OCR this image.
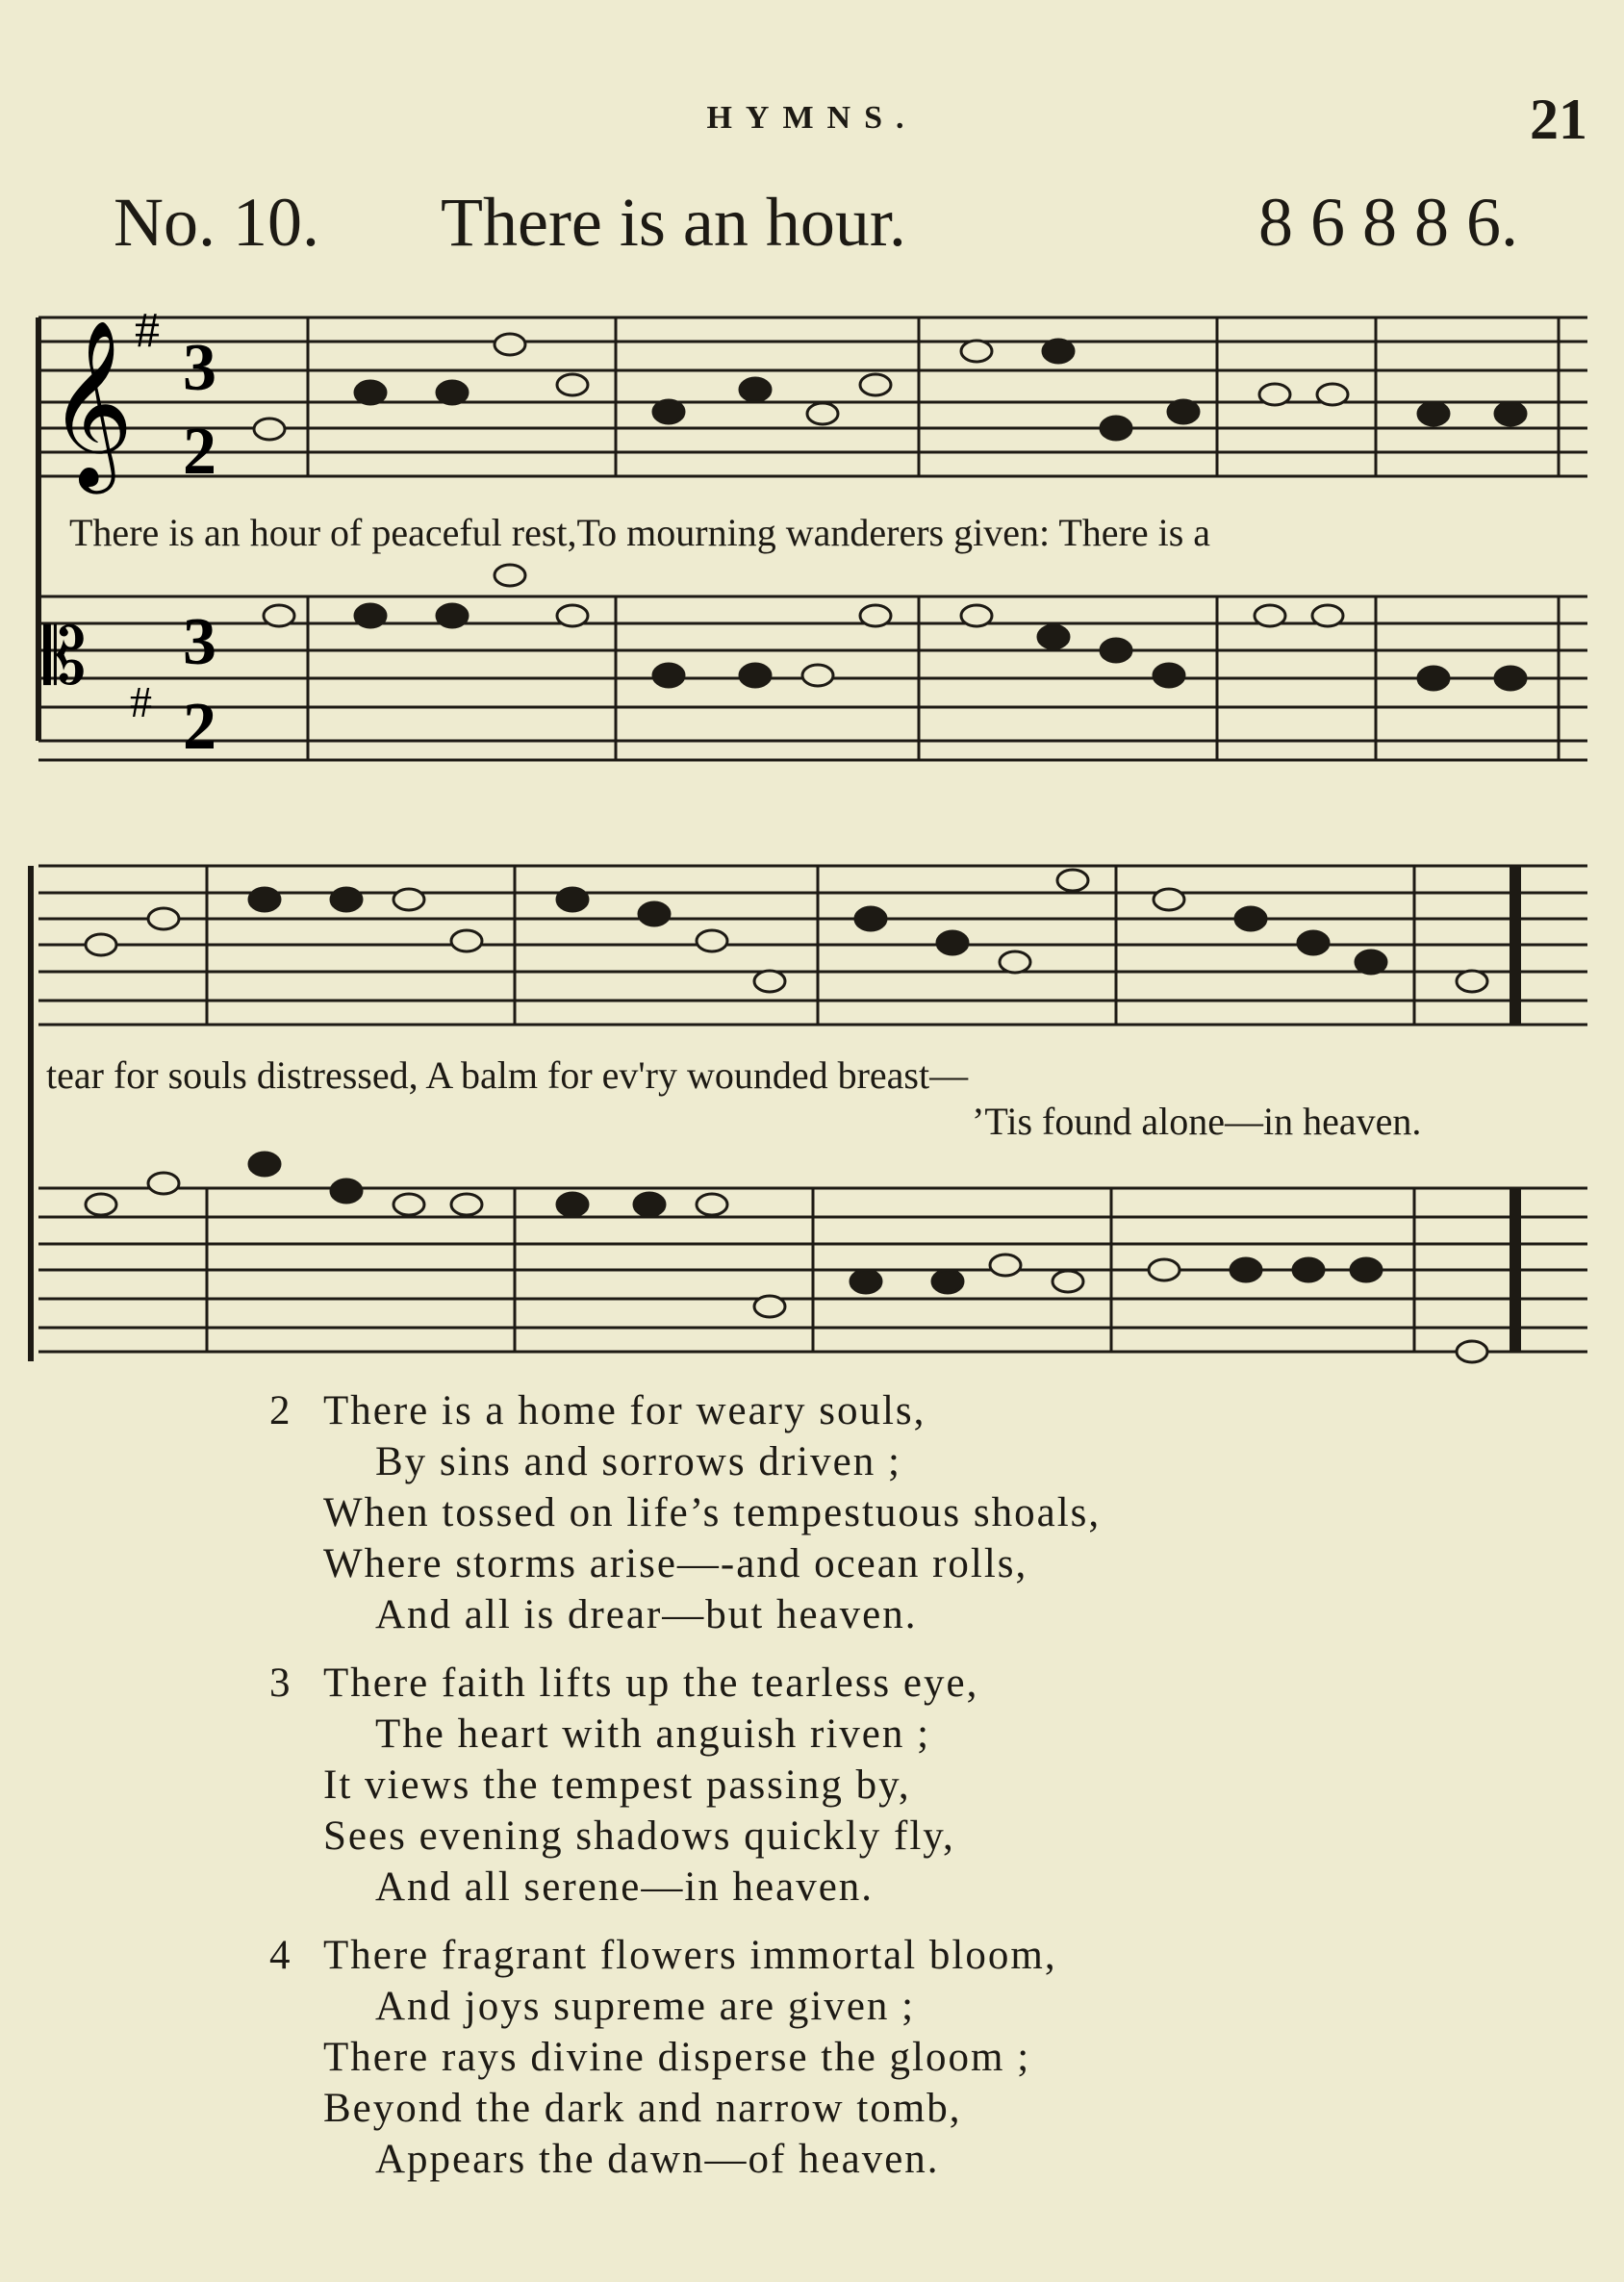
HYMNS.	21
No. 10. There is an hour.	8 6 8 8 6.
𝄞
𝄡
#
#
3
2
3
2
There is an hour of peaceful rest,To mourning wanderers given: There is a
tear for souls distressed, A balm for ev'ry wounded breast—
’Tis found alone—in heaven.
2 There is a home for weary souls,
By sins and sorrows driven ;
When tossed on life’s tempestuous shoals,
Where storms arise—-and ocean rolls,
And all is drear—but heaven.
3 There faith lifts up the tearless eye,
The heart with anguish riven ;
It views the tempest passing by,
Sees evening shadows quickly fly,
And all serene—in heaven.
4 There fragrant flowers immortal bloom,
And joys supreme are given ;
There rays divine disperse the gloom ;
Beyond the dark and narrow tomb,
Appears the dawn—of heaven.
